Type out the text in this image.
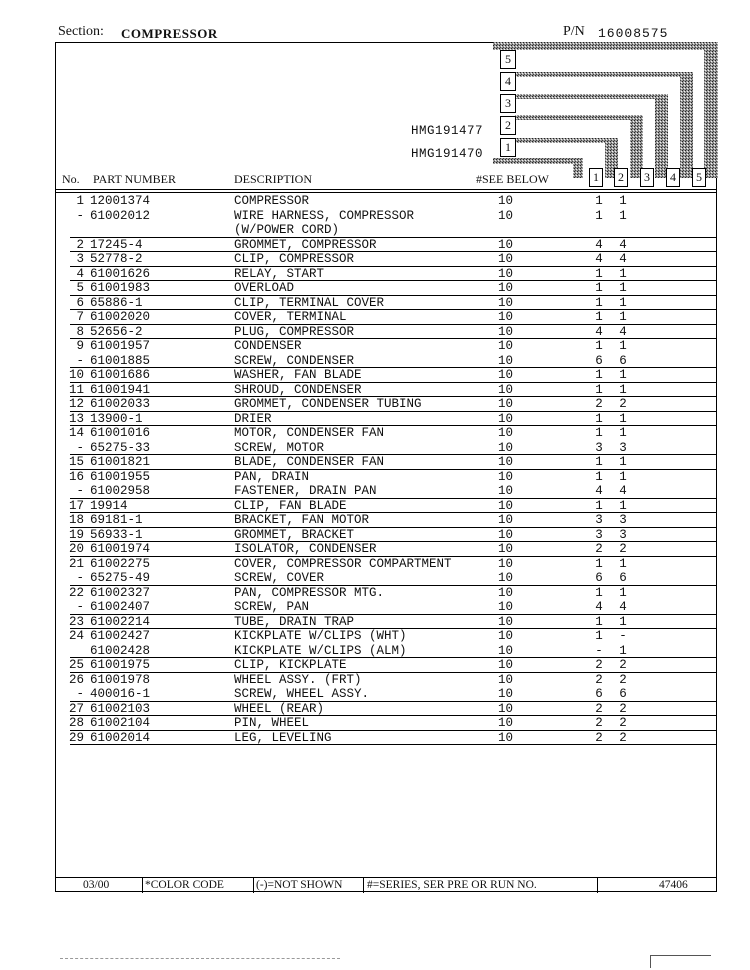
Section: COMPRESSOR	P/N 16008575
5
4
3
2
1
HMG191477
HMG191470
No. PART NUMBER	DESCRIPTION	#SEE BELOW	1	2	3	4	5
1 12001374	COMPRESSOR	10	1 1
- 61002012	WIRE HARNESS, COMPRESSOR	10	1 1
(W/POWER CORD)
2 17245-4	GROMMET, COMPRESSOR	10	4 4
3 52778-2	CLIP, COMPRESSOR	10	4 4
4 61001626	RELAY, START	10	1 1
5 61001983	OVERLOAD	10	1 1
6 65886-1	CLIP, TERMINAL COVER	10	1 1
7 61002020	COVER, TERMINAL	10	1 1
8 52656-2	PLUG, COMPRESSOR	10	4 4
9 61001957	CONDENSER	10	1 1
- 61001885	SCREW, CONDENSER	10	6 6
10 61001686	WASHER, FAN BLADE	10	1 1
11 61001941	SHROUD, CONDENSER	10	1 1
12 61002033	GROMMET, CONDENSER TUBING	10	2 2
13 13900-1	DRIER	10	1 1
14 61001016	MOTOR, CONDENSER FAN	10	1 1
- 65275-33	SCREW, MOTOR	10	3 3
15 61001821	BLADE, CONDENSER FAN	10	1 1
16 61001955	PAN, DRAIN	10	1 1
- 61002958	FASTENER, DRAIN PAN	10	4 4
17 19914	CLIP, FAN BLADE	10	1 1
18 69181-1	BRACKET, FAN MOTOR	10	3 3
19 56933-1	GROMMET, BRACKET	10	3 3
20 61001974	ISOLATOR, CONDENSER	10	2 2
21 61002275	COVER, COMPRESSOR COMPARTMENT	10	1 1
- 65275-49	SCREW, COVER	10	6 6
22 61002327	PAN, COMPRESSOR MTG.	10	1 1
- 61002407	SCREW, PAN	10	4 4
23 61002214	TUBE, DRAIN TRAP	10	1 1
24 61002427	KICKPLATE W/CLIPS (WHT)	10	1 -
61002428	KICKPLATE W/CLIPS (ALM)	10	- 1
25 61001975	CLIP, KICKPLATE	10	2 2
26 61001978	WHEEL ASSY. (FRT)	10	2 2
- 400016-1	SCREW, WHEEL ASSY.	10	6 6
27 61002103	WHEEL (REAR)	10	2 2
28 61002104	PIN, WHEEL	10	2 2
29 61002014	LEG, LEVELING	10	2 2
03/00	*COLOR CODE	(-)=NOT SHOWN #=SERIES, SER PRE OR RUN NO.	47406
